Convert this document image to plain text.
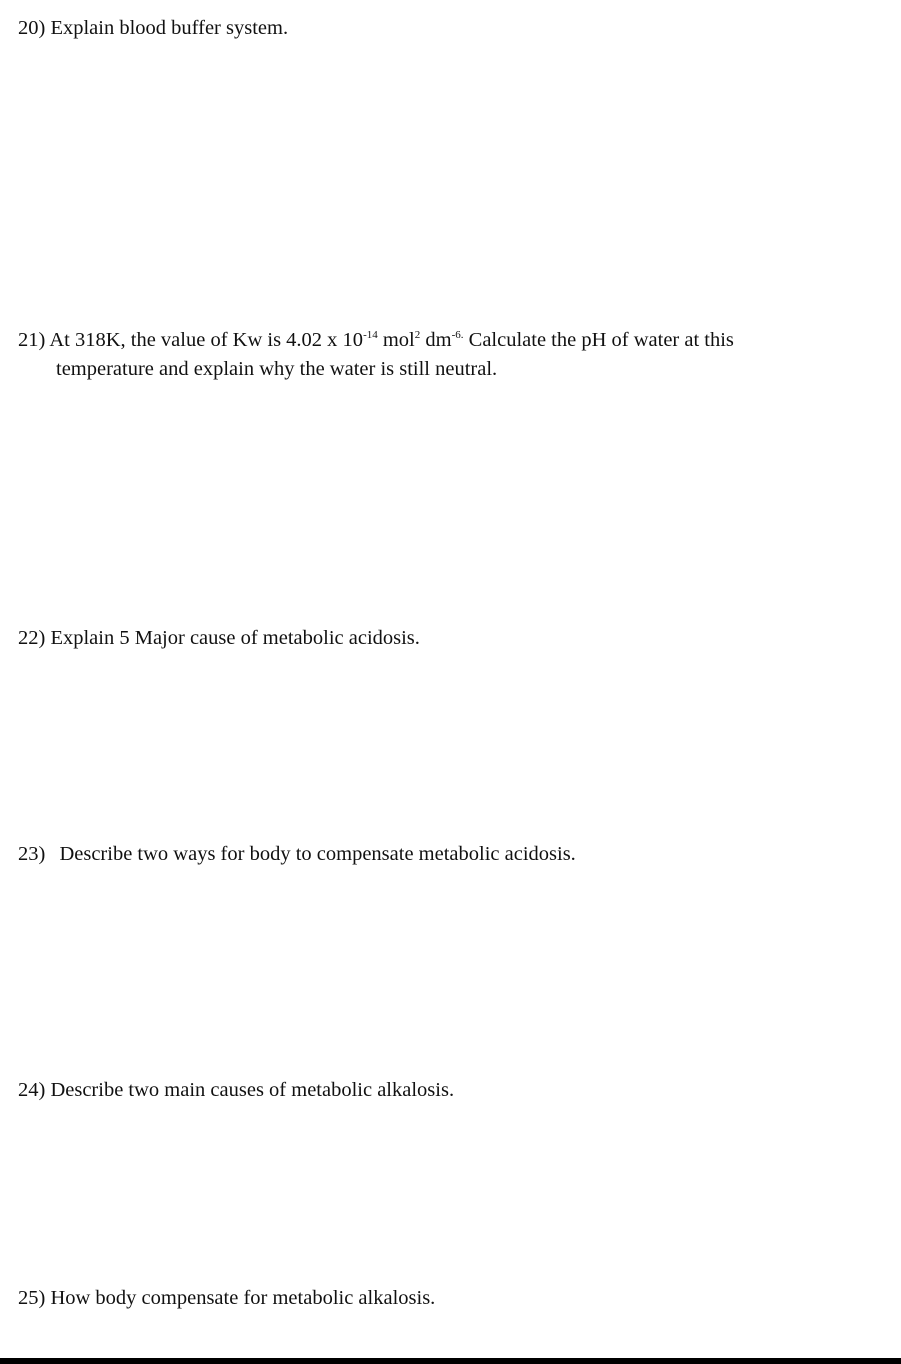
20) Explain blood buffer system.
21) At 318K, the value of Kw is 4.02 x $10^{-14}$ mol$^2$ $dm^{-6.}$ Calculate the pH of water at this
temperature and explain why the water is still neutral.
22) Explain 5 Major cause of metabolic acidosis.
23) Describe two ways for body to compensate metabolic acidosis.
24) Describe two main causes of metabolic alkalosis.
25) How body compensate for metabolic alkalosis.
